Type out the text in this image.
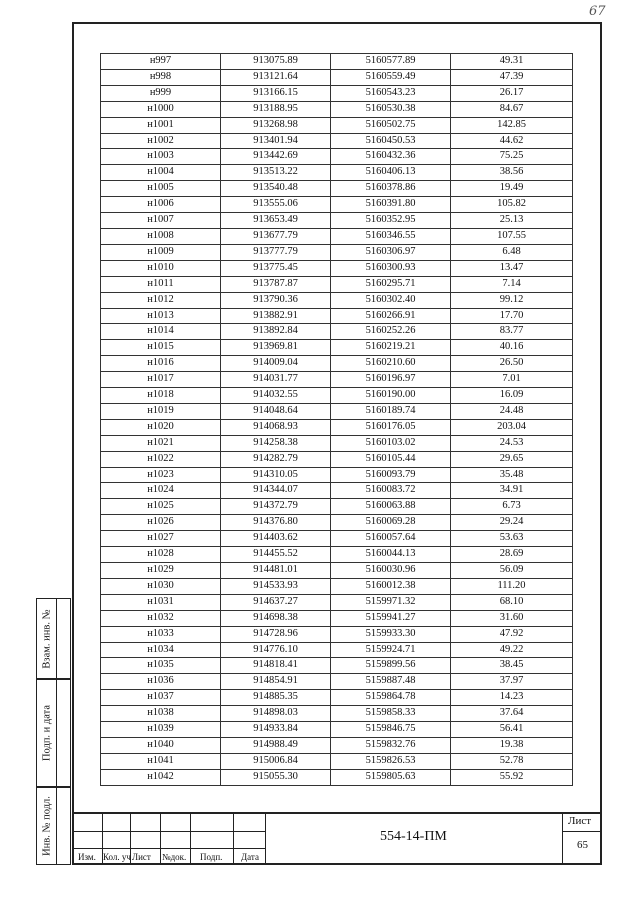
67
н997	913075.89	5160577.89	49.31
н998	913121.64	5160559.49	47.39
н999	913166.15	5160543.23	26.17
н1000	913188.95	5160530.38	84.67
н1001	913268.98	5160502.75	142.85
н1002	913401.94	5160450.53	44.62
н1003	913442.69	5160432.36	75.25
н1004	913513.22	5160406.13	38.56
н1005	913540.48	5160378.86	19.49
н1006	913555.06	5160391.80	105.82
н1007	913653.49	5160352.95	25.13
н1008	913677.79	5160346.55	107.55
н1009	913777.79	5160306.97	6.48
н1010	913775.45	5160300.93	13.47
н1011	913787.87	5160295.71	7.14
н1012	913790.36	5160302.40	99.12
н1013	913882.91	5160266.91	17.70
н1014	913892.84	5160252.26	83.77
н1015	913969.81	5160219.21	40.16
н1016	914009.04	5160210.60	26.50
н1017	914031.77	5160196.97	7.01
н1018	914032.55	5160190.00	16.09
н1019	914048.64	5160189.74	24.48
н1020	914068.93	5160176.05	203.04
н1021	914258.38	5160103.02	24.53
н1022	914282.79	5160105.44	29.65
н1023	914310.05	5160093.79	35.48
н1024	914344.07	5160083.72	34.91
н1025	914372.79	5160063.88	6.73
н1026	914376.80	5160069.28	29.24
н1027	914403.62	5160057.64	53.63
н1028	914455.52	5160044.13	28.69
н1029	914481.01	5160030.96	56.09
н1030	914533.93	5160012.38	111.20
н1031	914637.27	5159971.32	68.10
н1032	914698.38	5159941.27	31.60
н1033	914728.96	5159933.30	47.92
н1034	914776.10	5159924.71	49.22
н1035	914818.41	5159899.56	38.45
н1036	914854.91	5159887.48	37.97
н1037	914885.35	5159864.78	14.23
н1038	914898.03	5159858.33	37.64
н1039	914933.84	5159846.75	56.41
н1040	914988.49	5159832.76	19.38
н1041	915006.84	5159826.53	52.78
н1042	915055.30	5159805.63	55.92
Взам. инв. №
Подп. и дата
Инв. № подл.
Изм. Кол. уч Лист №док. Подп. Дата
554-14-ПМ
Лист
65
